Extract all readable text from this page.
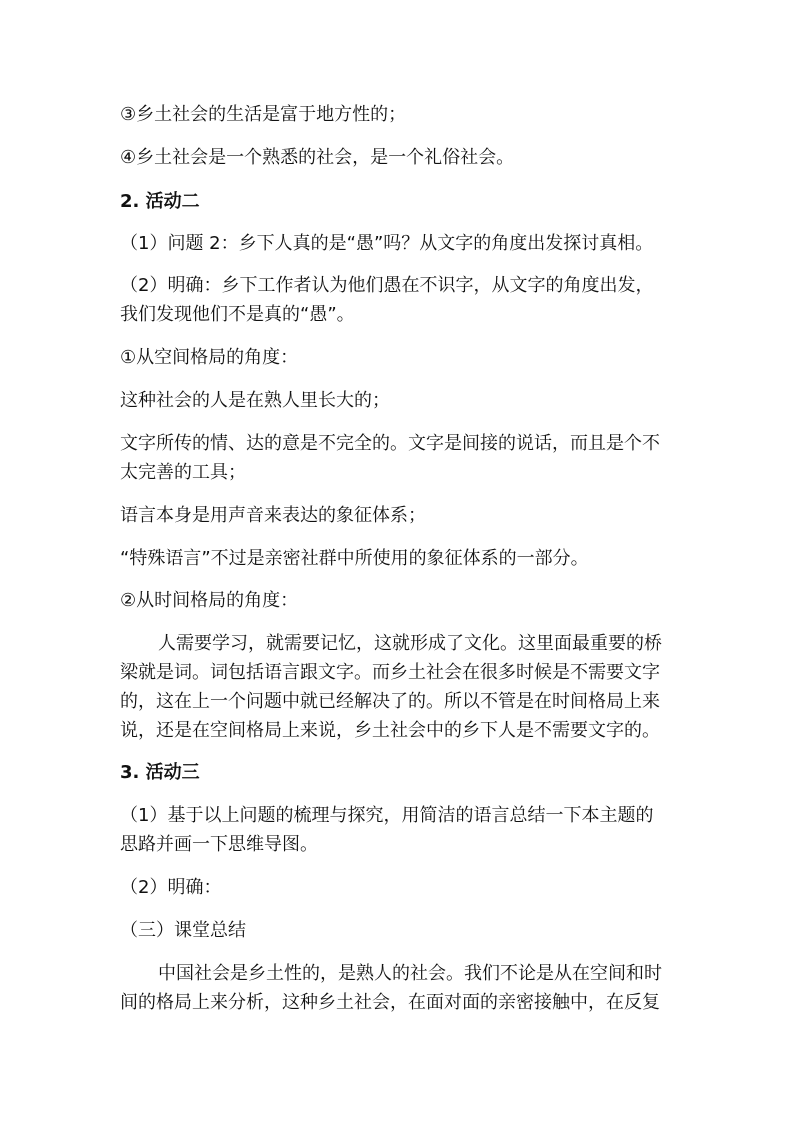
③乡土社会的生活是富于地方性的；
④乡土社会是一个熟悉的社会，是一个礼俗社会。
2. 活动二
（1）问题 2：乡下人真的是“愚”吗？从文字的角度出发探讨真相。
（2）明确：乡下工作者认为他们愚在不识字，从文字的角度出发，
我们发现他们不是真的“愚”。
①从空间格局的角度：
这种社会的人是在熟人里长大的；
文字所传的情、达的意是不完全的。文字是间接的说话，而且是个不
太完善的工具；
语言本身是用声音来表达的象征体系；
“特殊语言”不过是亲密社群中所使用的象征体系的一部分。
②从时间格局的角度：
人需要学习，就需要记忆，这就形成了文化。这里面最重要的桥
梁就是词。词包括语言跟文字。而乡土社会在很多时候是不需要文字
的，这在上一个问题中就已经解决了的。所以不管是在时间格局上来
说，还是在空间格局上来说，乡土社会中的乡下人是不需要文字的。
3. 活动三
（1）基于以上问题的梳理与探究，用简洁的语言总结一下本主题的
思路并画一下思维导图。
（2）明确：
（三）课堂总结
中国社会是乡土性的，是熟人的社会。我们不论是从在空间和时
间的格局上来分析，这种乡土社会，在面对面的亲密接触中，在反复
